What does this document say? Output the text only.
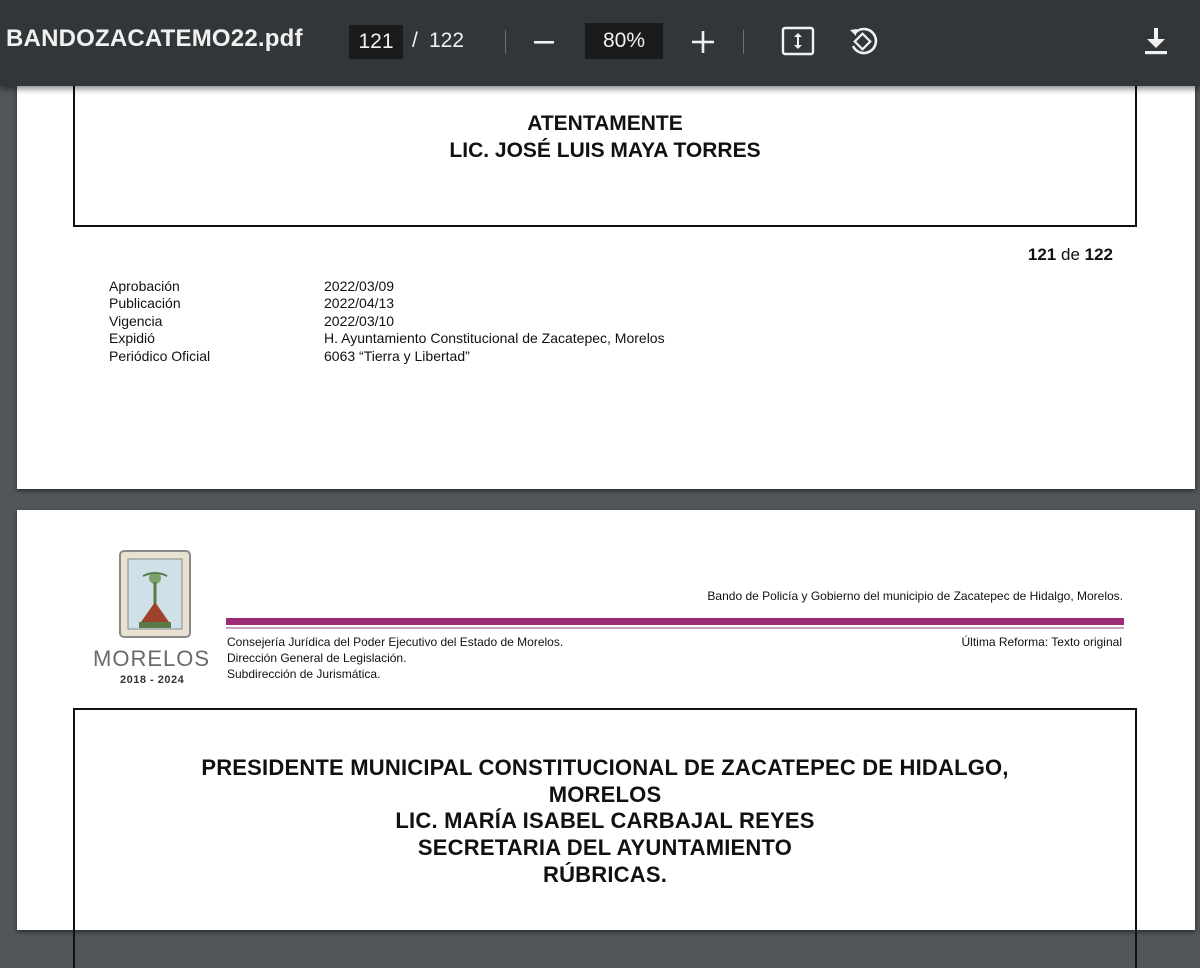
BANDOZACATEMO22.pdf	121 / 122	80%
ATENTAMENTE
LIC. JOSÉ LUIS MAYA TORRES
121 de 122
Aprobación	2022/03/09
Publicación	2022/04/13
Vigencia	2022/03/10
Expidió	H. Ayuntamiento Constitucional de Zacatepec, Morelos
Periódico Oficial	6063 “Tierra y Libertad”
MORELOS
2018 - 2024
Bando de Policía y Gobierno del municipio de Zacatepec de Hidalgo, Morelos.
Consejería Jurídica del Poder Ejecutivo del Estado de Morelos.
Dirección General de Legislación.
Subdirección de Jurismática.
Última Reforma: Texto original
PRESIDENTE MUNICIPAL CONSTITUCIONAL DE ZACATEPEC DE HIDALGO,
MORELOS
LIC. MARÍA ISABEL CARBAJAL REYES
SECRETARIA DEL AYUNTAMIENTO
RÚBRICAS.
